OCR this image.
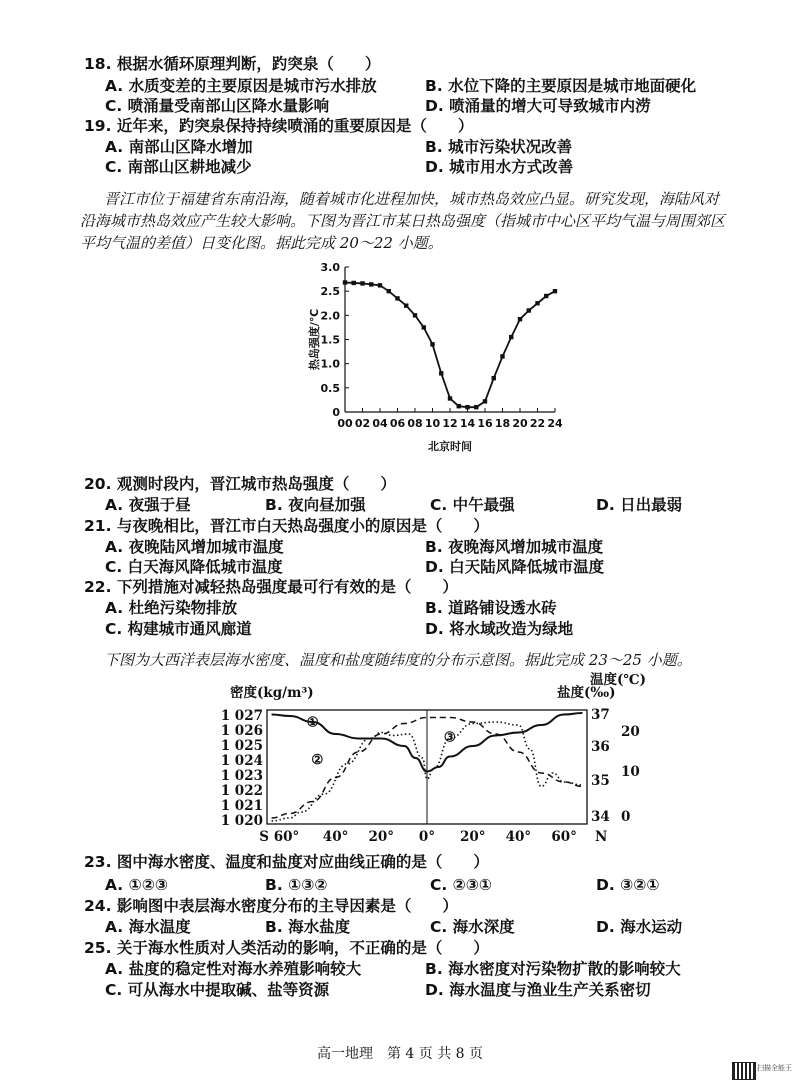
18. 根据水循环原理判断，趵突泉（　　）
A. 水质变差的主要原因是城市污水排放	B. 水位下降的主要原因是城市地面硬化
C. 喷涌量受南部山区降水量影响	D. 喷涌量的增大可导致城市内涝
19. 近年来，趵突泉保持持续喷涌的重要原因是（　　）
A. 南部山区降水增加	B. 城市污染状况改善
C. 南部山区耕地减少	D. 城市用水方式改善
晋江市位于福建省东南沿海，随着城市化进程加快，城市热岛效应凸显。研究发现，海陆风对
沿海城市热岛效应产生较大影响。下图为晋江市某日热岛强度（指城市中心区平均气温与周围郊区
平均气温的差值）日变化图。据此完成 20～22 小题。
0
0.5
1.0
1.5
2.0
2.5
3.0
00 02 04 06 08 10 12 14 16 18 20 22 24
北京时间
热岛强度/℃
20. 观测时段内，晋江城市热岛强度（　　）
A. 夜强于昼	B. 夜向昼加强	C. 中午最强	D. 日出最弱
21. 与夜晚相比，晋江市白天热岛强度小的原因是（　　）
A. 夜晚陆风增加城市温度	B. 夜晚海风增加城市温度
C. 白天海风降低城市温度	D. 白天陆风降低城市温度
22. 下列措施对减轻热岛强度最可行有效的是（　　）
A. 杜绝污染物排放	B. 道路铺设透水砖
C. 构建城市通风廊道	D. 将水域改造为绿地
下图为大西洋表层海水密度、温度和盐度随纬度的分布示意图。据此完成 23～25 小题。
密度(kg/m³)	盐度(‰)
温度(℃)
1 027
1 026
1 025
1 024
1 023
1 022
1 021
1 020
37
36
35
34
20
10
0
S 60° 40° 20° 0° 20° 40° 60° N
①
②
③
23. 图中海水密度、温度和盐度对应曲线正确的是（　　）
A. ①②③	B. ①③②	C. ②③①	D. ③②①
24. 影响图中表层海水密度分布的主导因素是（　　）
A. 海水温度	B. 海水盐度	C. 海水深度	D. 海水运动
25. 关于海水性质对人类活动的影响，不正确的是（　　）
A. 盐度的稳定性对海水养殖影响较大	B. 海水密度对污染物扩散的影响较大
C. 可从海水中提取碱、盐等资源	D. 海水温度与渔业生产关系密切
高一地理　第 4 页 共 8 页
扫描全能王
